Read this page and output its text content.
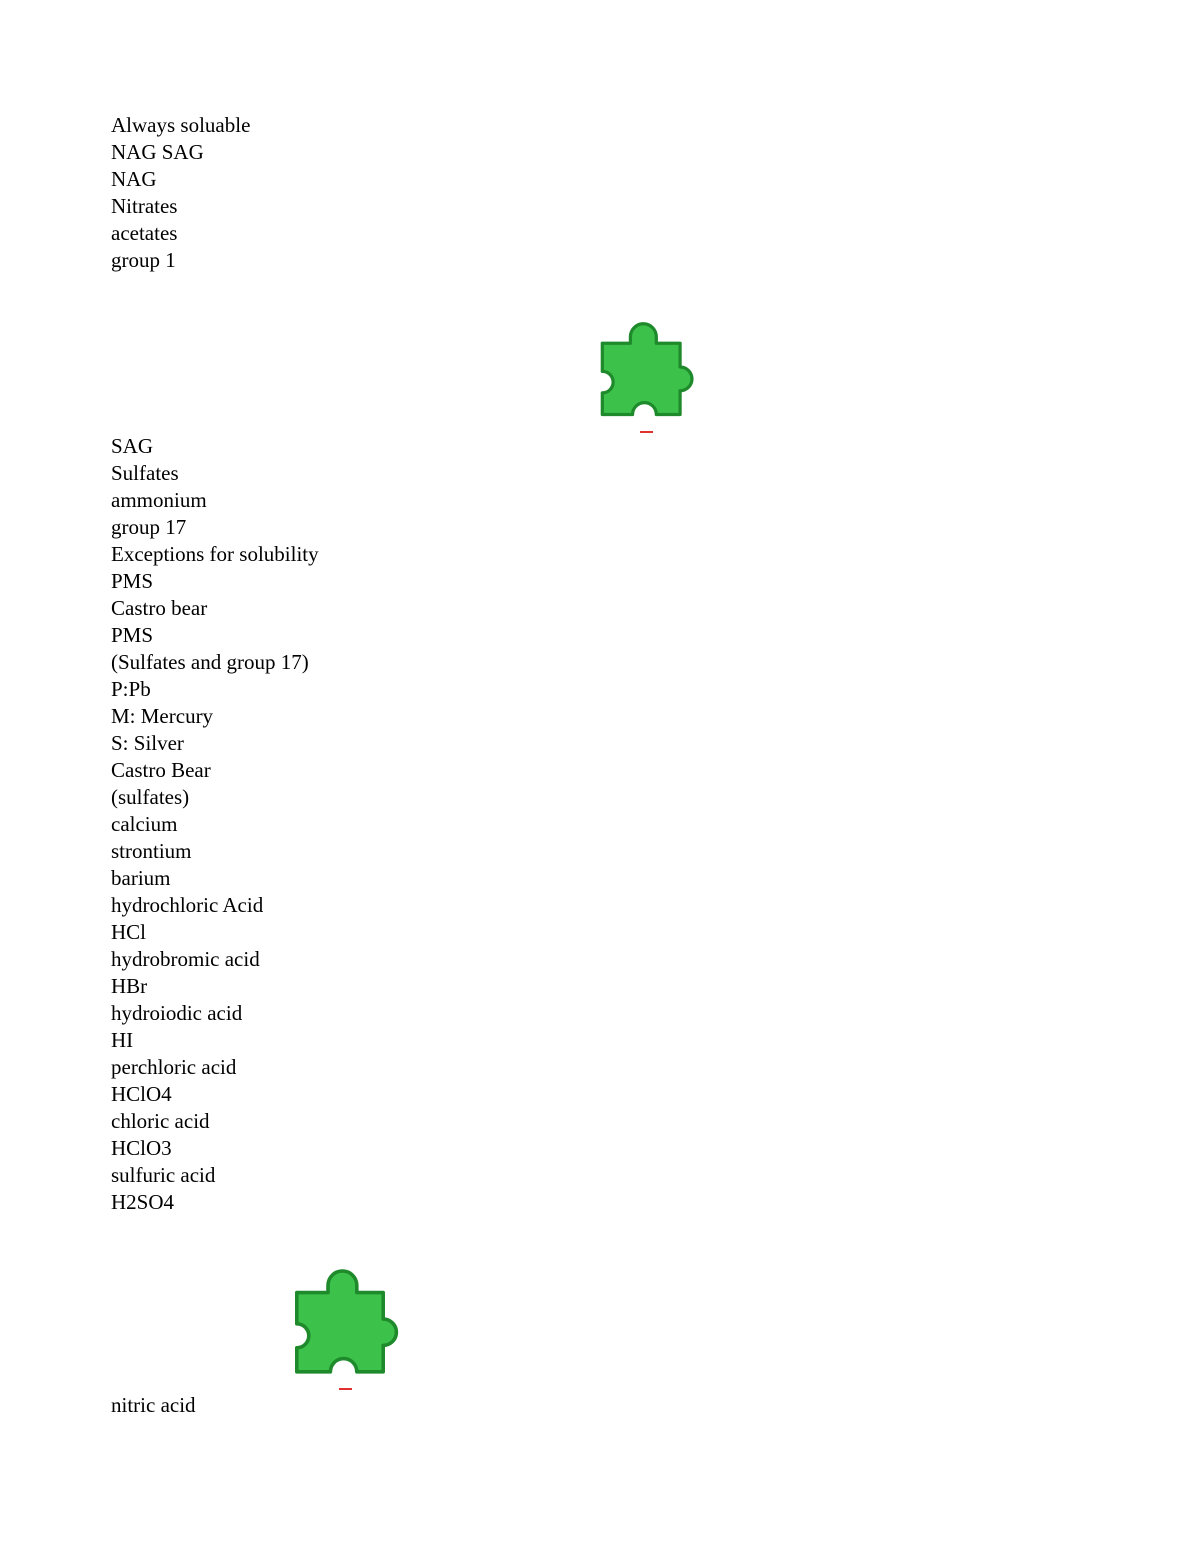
Always soluable
NAG SAG
NAG
Nitrates
acetates
group 1
SAG
Sulfates
ammonium
group 17
Exceptions for solubility
PMS
Castro bear
PMS
(Sulfates and group 17)
P:Pb
M: Mercury
S: Silver
Castro Bear
(sulfates)
calcium
strontium
barium
hydrochloric Acid
HCl
hydrobromic acid
HBr
hydroiodic acid
HI
perchloric acid
HClO4
chloric acid
HClO3
sulfuric acid
H2SO4
nitric acid
